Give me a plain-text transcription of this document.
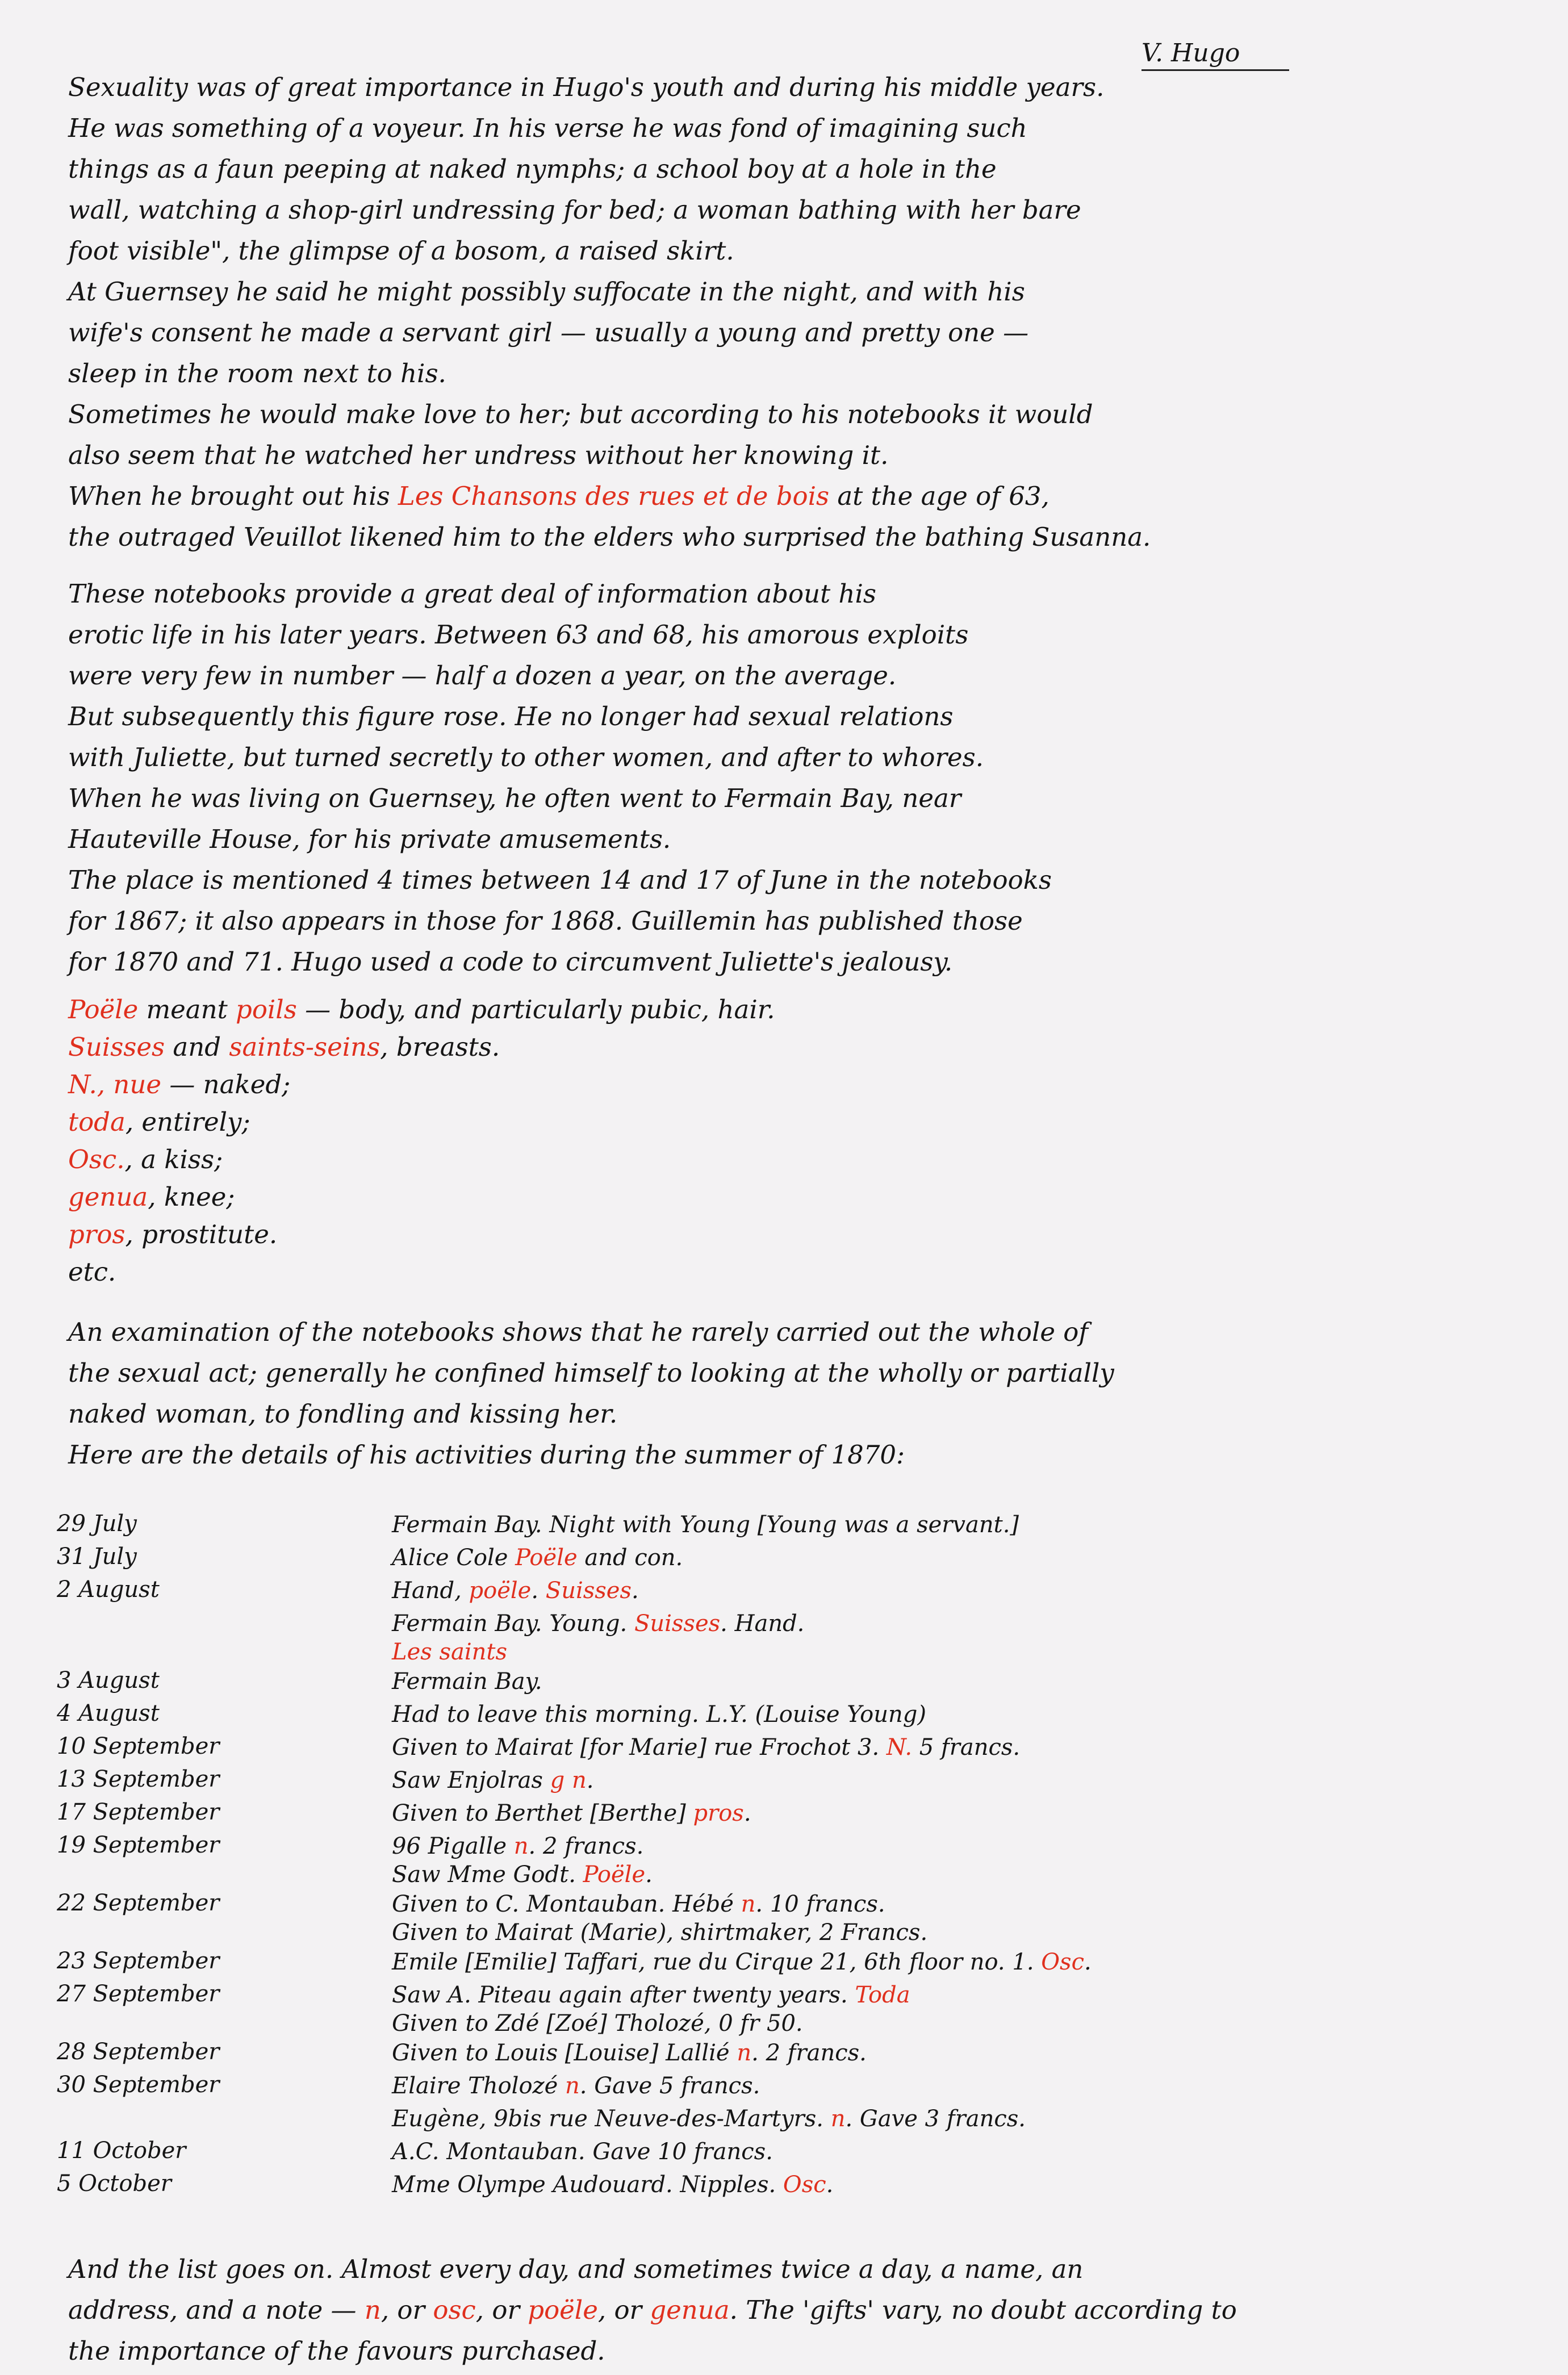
V. Hugo
Sexuality was of great importance in Hugo's youth and during his middle years.
He was something of a voyeur. In his verse he was fond of imagining such
things as a faun peeping at naked nymphs; a school boy at a hole in the
wall, watching a shop-girl undressing for bed; a woman bathing with her bare
foot visible", the glimpse of a bosom, a raised skirt.
At Guernsey he said he might possibly suffocate in the night, and with his
wife's consent he made a servant girl — usually a young and pretty one —
sleep in the room next to his.
Sometimes he would make love to her; but according to his notebooks it would
also seem that he watched her undress without her knowing it.
When he brought out his Les Chansons des rues et de bois at the age of 63,
the outraged Veuillot likened him to the elders who surprised the bathing Susanna.
These notebooks provide a great deal of information about his
erotic life in his later years. Between 63 and 68, his amorous exploits
were very few in number — half a dozen a year, on the average.
But subsequently this figure rose. He no longer had sexual relations
with Juliette, but turned secretly to other women, and after to whores.
When he was living on Guernsey, he often went to Fermain Bay, near
Hauteville House, for his private amusements.
The place is mentioned 4 times between 14 and 17 of June in the notebooks
for 1867; it also appears in those for 1868. Guillemin has published those
for 1870 and 71. Hugo used a code to circumvent Juliette's jealousy.
An examination of the notebooks shows that he rarely carried out the whole of
the sexual act; generally he confined himself to looking at the wholly or partially
naked woman, to fondling and kissing her.
Here are the details of his activities during the summer of 1870:
And the list goes on. Almost every day, and sometimes twice a day, a name, an
address, and a note — n, or osc, or poële, or genua. The 'gifts' vary, no doubt according to
the importance of the favours purchased.
Poële meant poils — body, and particularly pubic, hair.
Suisses and saints-seins, breasts.
N., nue — naked;
toda, entirely;
Osc., a kiss;
genua, knee;
pros, prostitute.
etc.
29 July	Fermain Bay. Night with Young [Young was a servant.]
31 July	Alice Cole Poële and con.
2 August	Hand, poële. Suisses.
Fermain Bay. Young. Suisses. Hand.
Les saints
3 August	Fermain Bay.
4 August	Had to leave this morning. L.Y. (Louise Young)
10 September	Given to Mairat [for Marie] rue Frochot 3. N. 5 francs.
13 September	Saw Enjolras g n.
17 September	Given to Berthet [Berthe] pros.
19 September	96 Pigalle n. 2 francs.
Saw Mme Godt. Poële.
22 September	Given to C. Montauban. Hébé n. 10 francs.
Given to Mairat (Marie), shirtmaker, 2 Francs.
23 September	Emile [Emilie] Taffari, rue du Cirque 21, 6th floor no. 1. Osc.
27 September	Saw A. Piteau again after twenty years. Toda
Given to Zdé [Zoé] Tholozé, 0 fr 50.
28 September	Given to Louis [Louise] Lallié n. 2 francs.
30 September	Elaire Tholozé n. Gave 5 francs.
Eugène, 9bis rue Neuve-des-Martyrs. n. Gave 3 francs.
11 October	A.C. Montauban. Gave 10 francs.
5 October	Mme Olympe Audouard. Nipples. Osc.
